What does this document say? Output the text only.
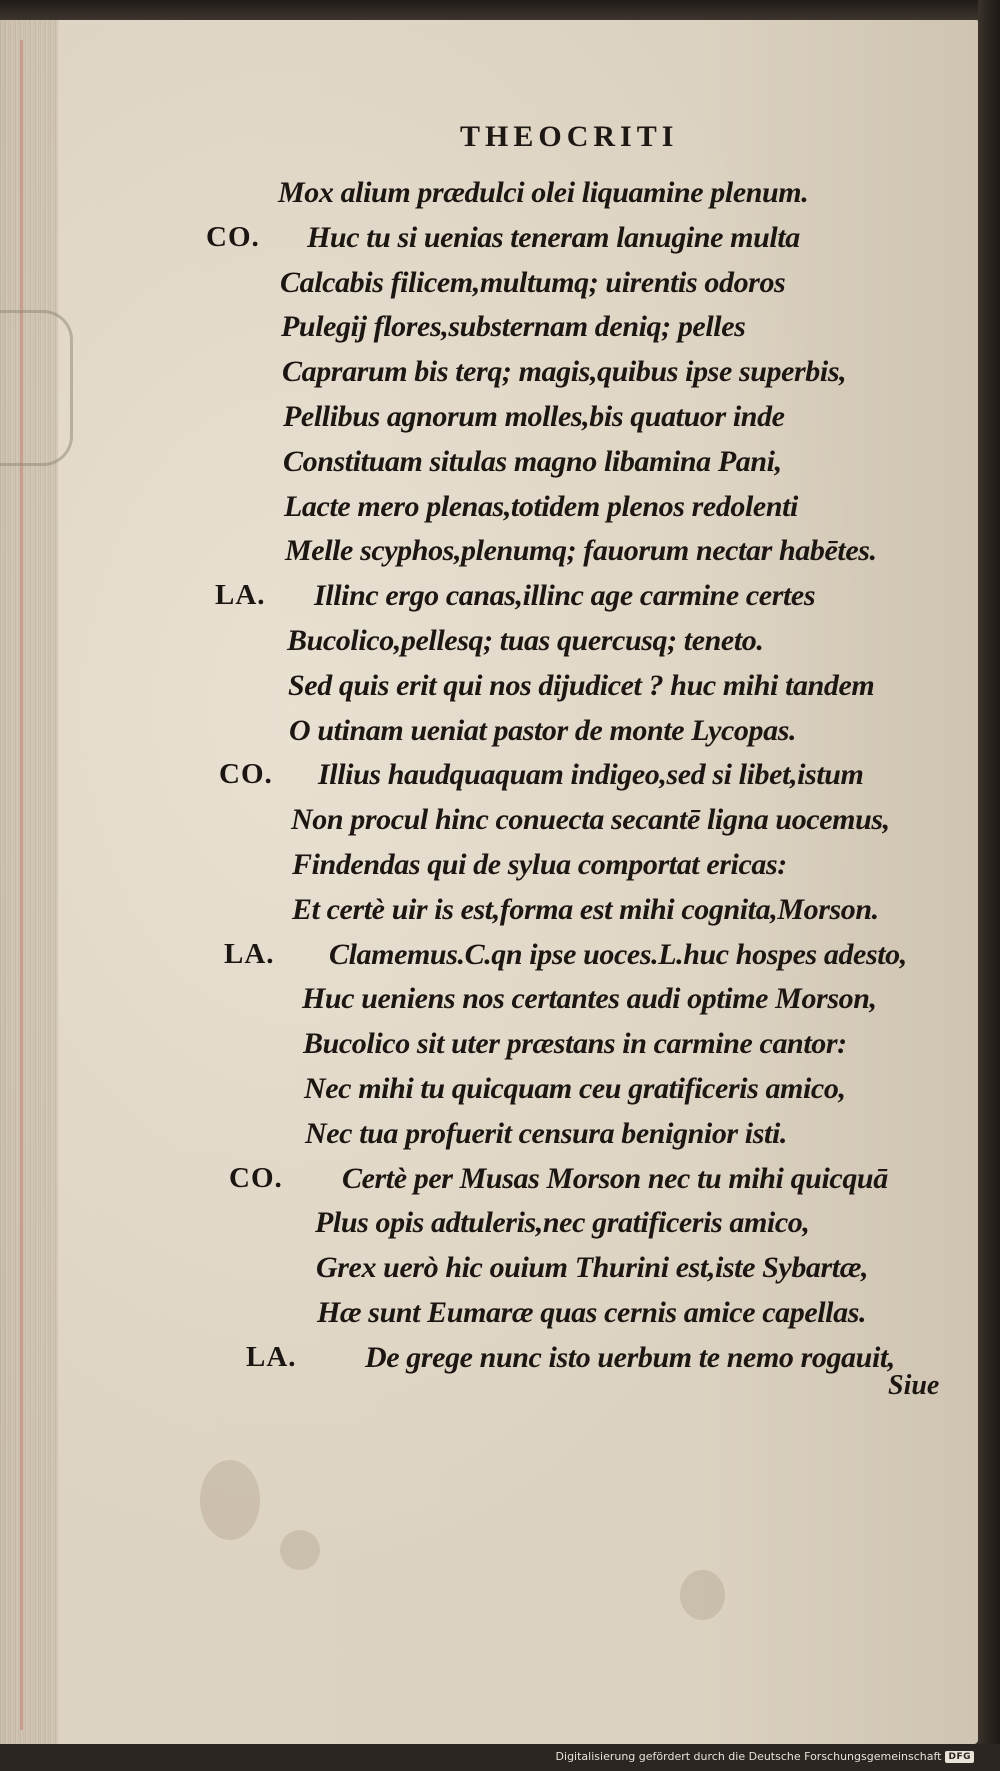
THEOCRITI
Mox alium prædulci olei liquamine plenum.
CO. Huc tu si uenias teneram lanugine multa
Calcabis filicem,multumq; uirentis odoros
Pulegij flores,substernam deniq; pelles
Caprarum bis terq; magis,quibus ipse superbis,
Pellibus agnorum molles,bis quatuor inde
Constituam situlas magno libamina Pani,
Lacte mero plenas,totidem plenos redolenti
Melle scyphos,plenumq; fauorum nectar habētes.
LA. Illinc ergo canas,illinc age carmine certes
Bucolico,pellesq; tuas quercusq; teneto.
Sed quis erit qui nos dijudicet ? huc mihi tandem
O utinam ueniat pastor de monte Lycopas.
CO. Illius haudquaquam indigeo,sed si libet,istum
Non procul hinc conuecta secantē ligna uocemus,
Findendas qui de sylua comportat ericas:
Et certè uir is est,forma est mihi cognita,Morson.
LA. Clamemus.C.qn ipse uoces.L.huc hospes adesto,
Huc ueniens nos certantes audi optime Morson,
Bucolico sit uter præstans in carmine cantor:
Nec mihi tu quicquam ceu gratificeris amico,
Nec tua profuerit censura benignior isti.
CO. Certè per Musas Morson nec tu mihi quicquā
Plus opis adtuleris,nec gratificeris amico,
Grex uerò hic ouium Thurini est,iste Sybartæ,
Hæ sunt Eumaræ quas cernis amice capellas.
LA. De grege nunc isto uerbum te nemo rogauit,
Siue
Digitalisierung gefördert durch die Deutsche Forschungsgemeinschaft DFG
